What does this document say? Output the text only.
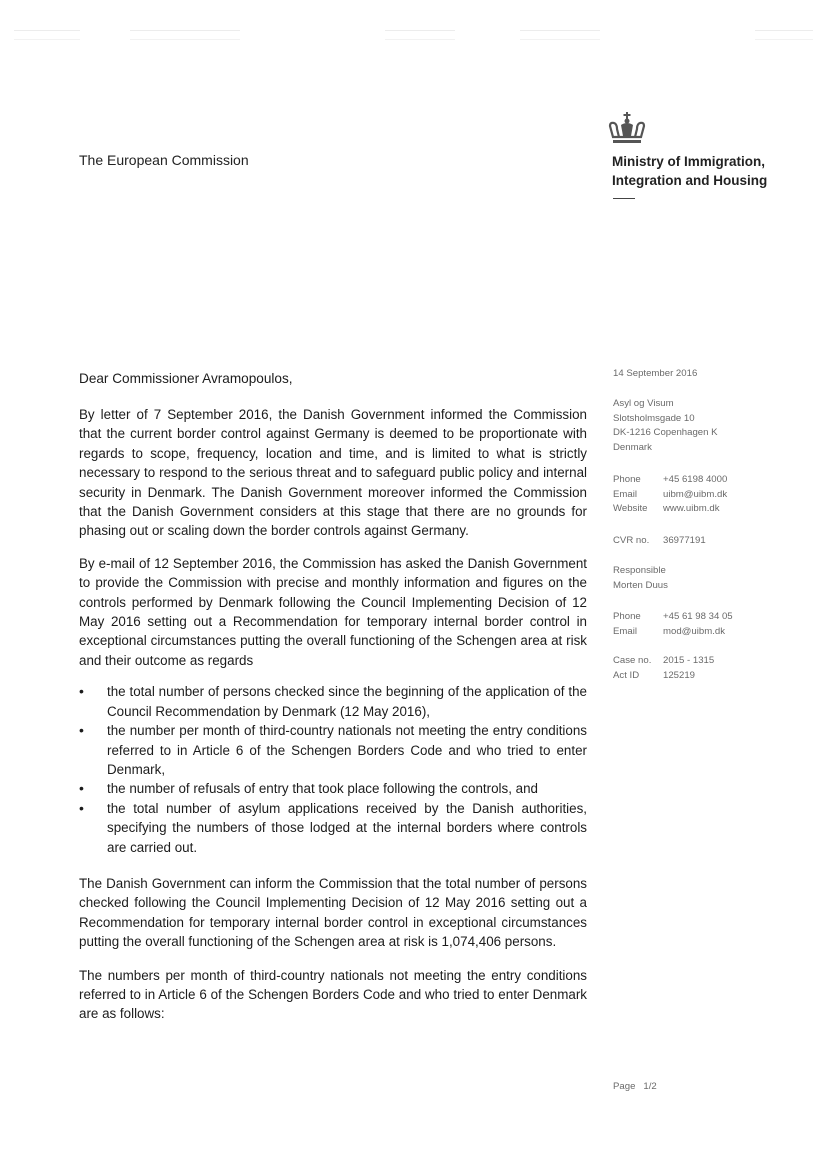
The European Commission	Ministry of Immigration,
Integration and Housing
Dear Commissioner Avramopoulos,

By letter of 7 September 2016, the Danish Government informed the Commission that the current border control against Germany is deemed to be proportionate with regards to scope, frequency, location and time, and is limited to what is strictly necessary to respond to the serious threat and to safeguard public policy and internal security in Denmark. The Danish Government moreover informed the Commission that the Danish Government considers at this stage that there are no grounds for phasing out or scaling down the border controls against Germany.

By e-mail of 12 September 2016, the Commission has asked the Danish Government to provide the Commission with precise and monthly information and figures on the controls performed by Denmark following the Council Implementing Decision of 12 May 2016 setting out a Recommendation for temporary internal border control in exceptional circumstances putting the overall functioning of the Schengen area at risk and their outcome as regards

• the total number of persons checked since the beginning of the application of the Council Recommendation by Denmark (12 May 2016),
• the number per month of third-country nationals not meeting the entry conditions referred to in Article 6 of the Schengen Borders Code and who tried to enter Denmark,
• the number of refusals of entry that took place following the controls, and
• the total number of asylum applications received by the Danish authorities, specifying the numbers of those lodged at the internal borders where controls are carried out.

The Danish Government can inform the Commission that the total number of persons checked following the Council Implementing Decision of 12 May 2016 setting out a Recommendation for temporary internal border control in exceptional circumstances putting the overall functioning of the Schengen area at risk is 1,074,406 persons.

The numbers per month of third-country nationals not meeting the entry conditions referred to in Article 6 of the Schengen Borders Code and who tried to enter Denmark are as follows:

14 September 2016
Asyl og Visum
Slotsholmsgade 10
DK-1216 Copenhagen K
Denmark
Phone	+45 6198 4000
Email	uibm@uibm.dk
Website	www.uibm.dk
CVR no.	36977191
Responsible
Morten Duus
Phone	+45 61 98 34 05
Email	mod@uibm.dk
Case no.	2015 - 1315
Act ID	125219
Page 1/2
